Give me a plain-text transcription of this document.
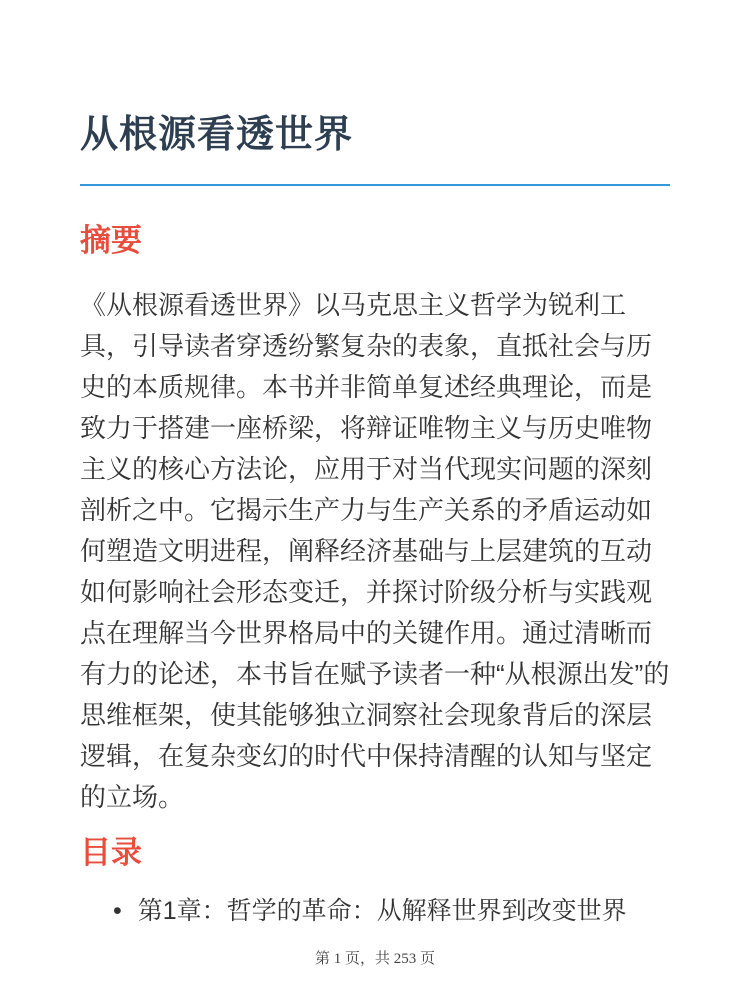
从根源看透世界
摘要

《从根源看透世界》以马克思主义哲学为锐利工具，引导读者穿透纷繁复杂的表象，直抵社会与历史的本质规律。本书并非简单复述经典理论，而是致力于搭建一座桥梁，将辩证唯物主义与历史唯物主义的核心方法论，应用于对当代现实问题的深刻剖析之中。它揭示生产力与生产关系的矛盾运动如何塑造文明进程，阐释经济基础与上层建筑的互动如何影响社会形态变迁，并探讨阶级分析与实践观点在理解当今世界格局中的关键作用。通过清晰而有力的论述，本书旨在赋予读者一种“从根源出发”的思维框架，使其能够独立洞察社会现象背后的深层逻辑，在复杂变幻的时代中保持清醒的认知与坚定的立场。

目录
• 第1章：哲学的革命：从解释世界到改变世界
第 1 页，共 253 页
